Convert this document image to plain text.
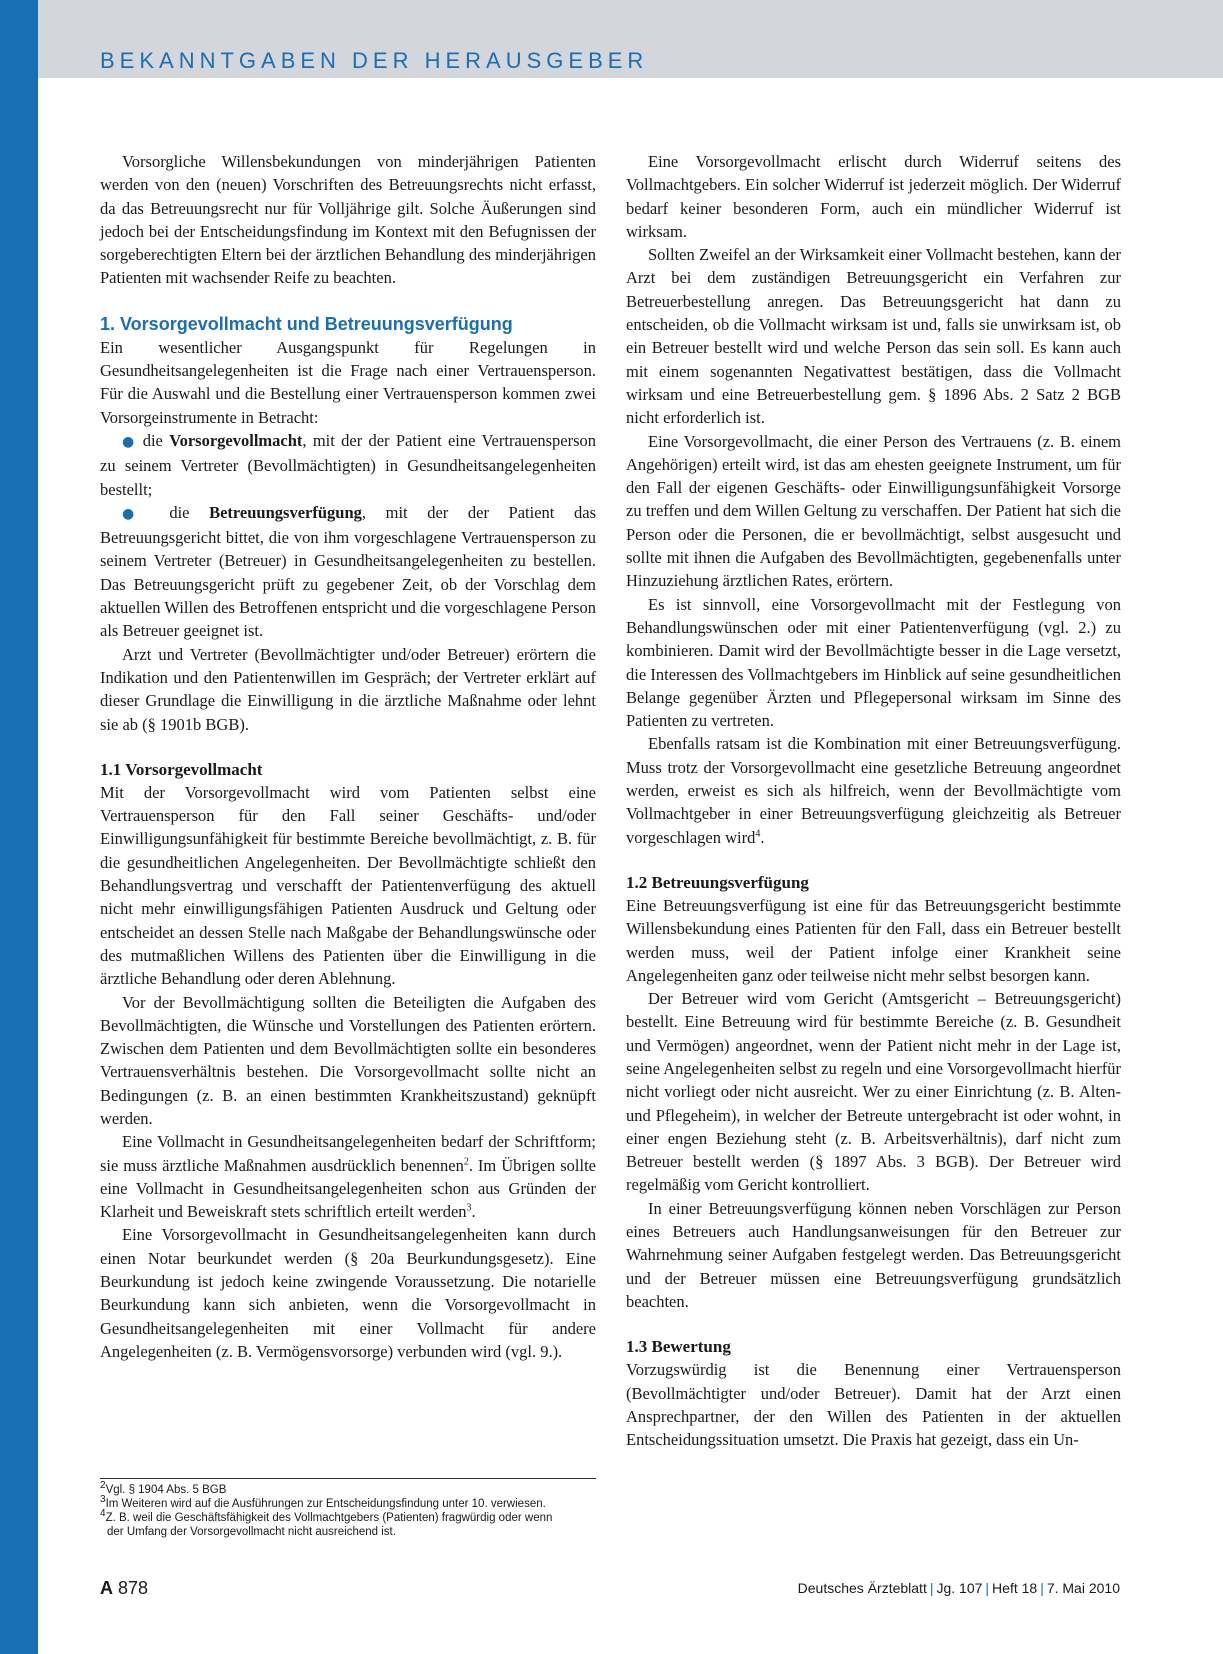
BEKANNTGABEN DER HERAUSGEBER

Vorsorgliche Willensbekundungen von minderjährigen Patienten werden von den (neuen) Vorschriften des Betreuungsrechts nicht erfasst, da das Betreuungsrecht nur für Volljährige gilt. Solche Äußerungen sind jedoch bei der Entscheidungsfindung im Kontext mit den Befugnissen der sorgeberechtigten Eltern bei der ärztlichen Behandlung des minderjährigen Patienten mit wachsender Reife zu beachten.

1. Vorsorgevollmacht und Betreuungsverfügung

Ein wesentlicher Ausgangspunkt für Regelungen in Gesundheitsangelegenheiten ist die Frage nach einer Vertrauensperson. Für die Auswahl und die Bestellung einer Vertrauensperson kommen zwei Vorsorgeinstrumente in Betracht:

● die Vorsorgevollmacht, mit der der Patient eine Vertrauensperson zu seinem Vertreter (Bevollmächtigten) in Gesundheitsangelegenheiten bestellt;

● die Betreuungsverfügung, mit der der Patient das Betreuungsgericht bittet, die von ihm vorgeschlagene Vertrauensperson zu seinem Vertreter (Betreuer) in Gesundheitsangelegenheiten zu bestellen. Das Betreuungsgericht prüft zu gegebener Zeit, ob der Vorschlag dem aktuellen Willen des Betroffenen entspricht und die vorgeschlagene Person als Betreuer geeignet ist.

Arzt und Vertreter (Bevollmächtigter und/oder Betreuer) erörtern die Indikation und den Patientenwillen im Gespräch; der Vertreter erklärt auf dieser Grundlage die Einwilligung in die ärztliche Maßnahme oder lehnt sie ab (§ 1901b BGB).

1.1 Vorsorgevollmacht

Mit der Vorsorgevollmacht wird vom Patienten selbst eine Vertrauensperson für den Fall seiner Geschäfts- und/oder Einwilligungsunfähigkeit für bestimmte Bereiche bevollmächtigt, z. B. für die gesundheitlichen Angelegenheiten. Der Bevollmächtigte schließt den Behandlungsvertrag und verschafft der Patientenverfügung des aktuell nicht mehr einwilligungsfähigen Patienten Ausdruck und Geltung oder entscheidet an dessen Stelle nach Maßgabe der Behandlungswünsche oder des mutmaßlichen Willens des Patienten über die Einwilligung in die ärztliche Behandlung oder deren Ablehnung.

Vor der Bevollmächtigung sollten die Beteiligten die Aufgaben des Bevollmächtigten, die Wünsche und Vorstellungen des Patienten erörtern. Zwischen dem Patienten und dem Bevollmächtigten sollte ein besonderes Vertrauensverhältnis bestehen. Die Vorsorgevollmacht sollte nicht an Bedingungen (z. B. an einen bestimmten Krankheitszustand) geknüpft werden.

Eine Vollmacht in Gesundheitsangelegenheiten bedarf der Schriftform; sie muss ärztliche Maßnahmen ausdrücklich benennen$^2$. Im Übrigen sollte eine Vollmacht in Gesundheitsangelegenheiten schon aus Gründen der Klarheit und Beweiskraft stets schriftlich erteilt werden$^3$.

Eine Vorsorgevollmacht in Gesundheitsangelegenheiten kann durch einen Notar beurkundet werden (§ 20a Beurkundungsgesetz). Eine Beurkundung ist jedoch keine zwingende Voraussetzung. Die notarielle Beurkundung kann sich anbieten, wenn die Vorsorgevollmacht in Gesundheitsangelegenheiten mit einer Vollmacht für andere Angelegenheiten (z. B. Vermögensvorsorge) verbunden wird (vgl. 9.).

Eine Vorsorgevollmacht erlischt durch Widerruf seitens des Vollmachtgebers. Ein solcher Widerruf ist jederzeit möglich. Der Widerruf bedarf keiner besonderen Form, auch ein mündlicher Widerruf ist wirksam.

Sollten Zweifel an der Wirksamkeit einer Vollmacht bestehen, kann der Arzt bei dem zuständigen Betreuungsgericht ein Verfahren zur Betreuerbestellung anregen. Das Betreuungsgericht hat dann zu entscheiden, ob die Vollmacht wirksam ist und, falls sie unwirksam ist, ob ein Betreuer bestellt wird und welche Person das sein soll. Es kann auch mit einem sogenannten Negativattest bestätigen, dass die Vollmacht wirksam und eine Betreuerbestellung gem. § 1896 Abs. 2 Satz 2 BGB nicht erforderlich ist.

Eine Vorsorgevollmacht, die einer Person des Vertrauens (z. B. einem Angehörigen) erteilt wird, ist das am ehesten geeignete Instrument, um für den Fall der eigenen Geschäfts- oder Einwilligungsunfähigkeit Vorsorge zu treffen und dem Willen Geltung zu verschaffen. Der Patient hat sich die Person oder die Personen, die er bevollmächtigt, selbst ausgesucht und sollte mit ihnen die Aufgaben des Bevollmächtigten, gegebenenfalls unter Hinzuziehung ärztlichen Rates, erörtern.

Es ist sinnvoll, eine Vorsorgevollmacht mit der Festlegung von Behandlungswünschen oder mit einer Patientenverfügung (vgl. 2.) zu kombinieren. Damit wird der Bevollmächtigte besser in die Lage versetzt, die Interessen des Vollmachtgebers im Hinblick auf seine gesundheitlichen Belange gegenüber Ärzten und Pflegepersonal wirksam im Sinne des Patienten zu vertreten.

Ebenfalls ratsam ist die Kombination mit einer Betreuungsverfügung. Muss trotz der Vorsorgevollmacht eine gesetzliche Betreuung angeordnet werden, erweist es sich als hilfreich, wenn der Bevollmächtigte vom Vollmachtgeber in einer Betreuungsverfügung gleichzeitig als Betreuer vorgeschlagen wird$^4$.

1.2 Betreuungsverfügung

Eine Betreuungsverfügung ist eine für das Betreuungsgericht bestimmte Willensbekundung eines Patienten für den Fall, dass ein Betreuer bestellt werden muss, weil der Patient infolge einer Krankheit seine Angelegenheiten ganz oder teilweise nicht mehr selbst besorgen kann.

Der Betreuer wird vom Gericht (Amtsgericht – Betreuungsgericht) bestellt. Eine Betreuung wird für bestimmte Bereiche (z. B. Gesundheit und Vermögen) angeordnet, wenn der Patient nicht mehr in der Lage ist, seine Angelegenheiten selbst zu regeln und eine Vorsorgevollmacht hierfür nicht vorliegt oder nicht ausreicht. Wer zu einer Einrichtung (z. B. Alten- und Pflegeheim), in welcher der Betreute untergebracht ist oder wohnt, in einer engen Beziehung steht (z. B. Arbeitsverhältnis), darf nicht zum Betreuer bestellt werden (§ 1897 Abs. 3 BGB). Der Betreuer wird regelmäßig vom Gericht kontrolliert.

In einer Betreuungsverfügung können neben Vorschlägen zur Person eines Betreuers auch Handlungsanweisungen für den Betreuer zur Wahrnehmung seiner Aufgaben festgelegt werden. Das Betreuungsgericht und der Betreuer müssen eine Betreuungsverfügung grundsätzlich beachten.

1.3 Bewertung

Vorzugswürdig ist die Benennung einer Vertrauensperson (Bevollmächtigter und/oder Betreuer). Damit hat der Arzt einen Ansprechpartner, der den Willen des Patienten in der aktuellen Entscheidungssituation umsetzt. Die Praxis hat gezeigt, dass ein Un-

$^2$Vgl. § 1904 Abs. 5 BGB

$^3$Im Weiteren wird auf die Ausführungen zur Entscheidungsfindung unter 10. verwiesen.

$^4$Z. B. weil die Geschäftsfähigkeit des Vollmachtgebers (Patienten) fragwürdig oder wenn

der Umfang der Vorsorgevollmacht nicht ausreichend ist.

A 878	Deutsches Ärzteblatt | Jg. 107 | Heft 18 | 7. Mai 2010
